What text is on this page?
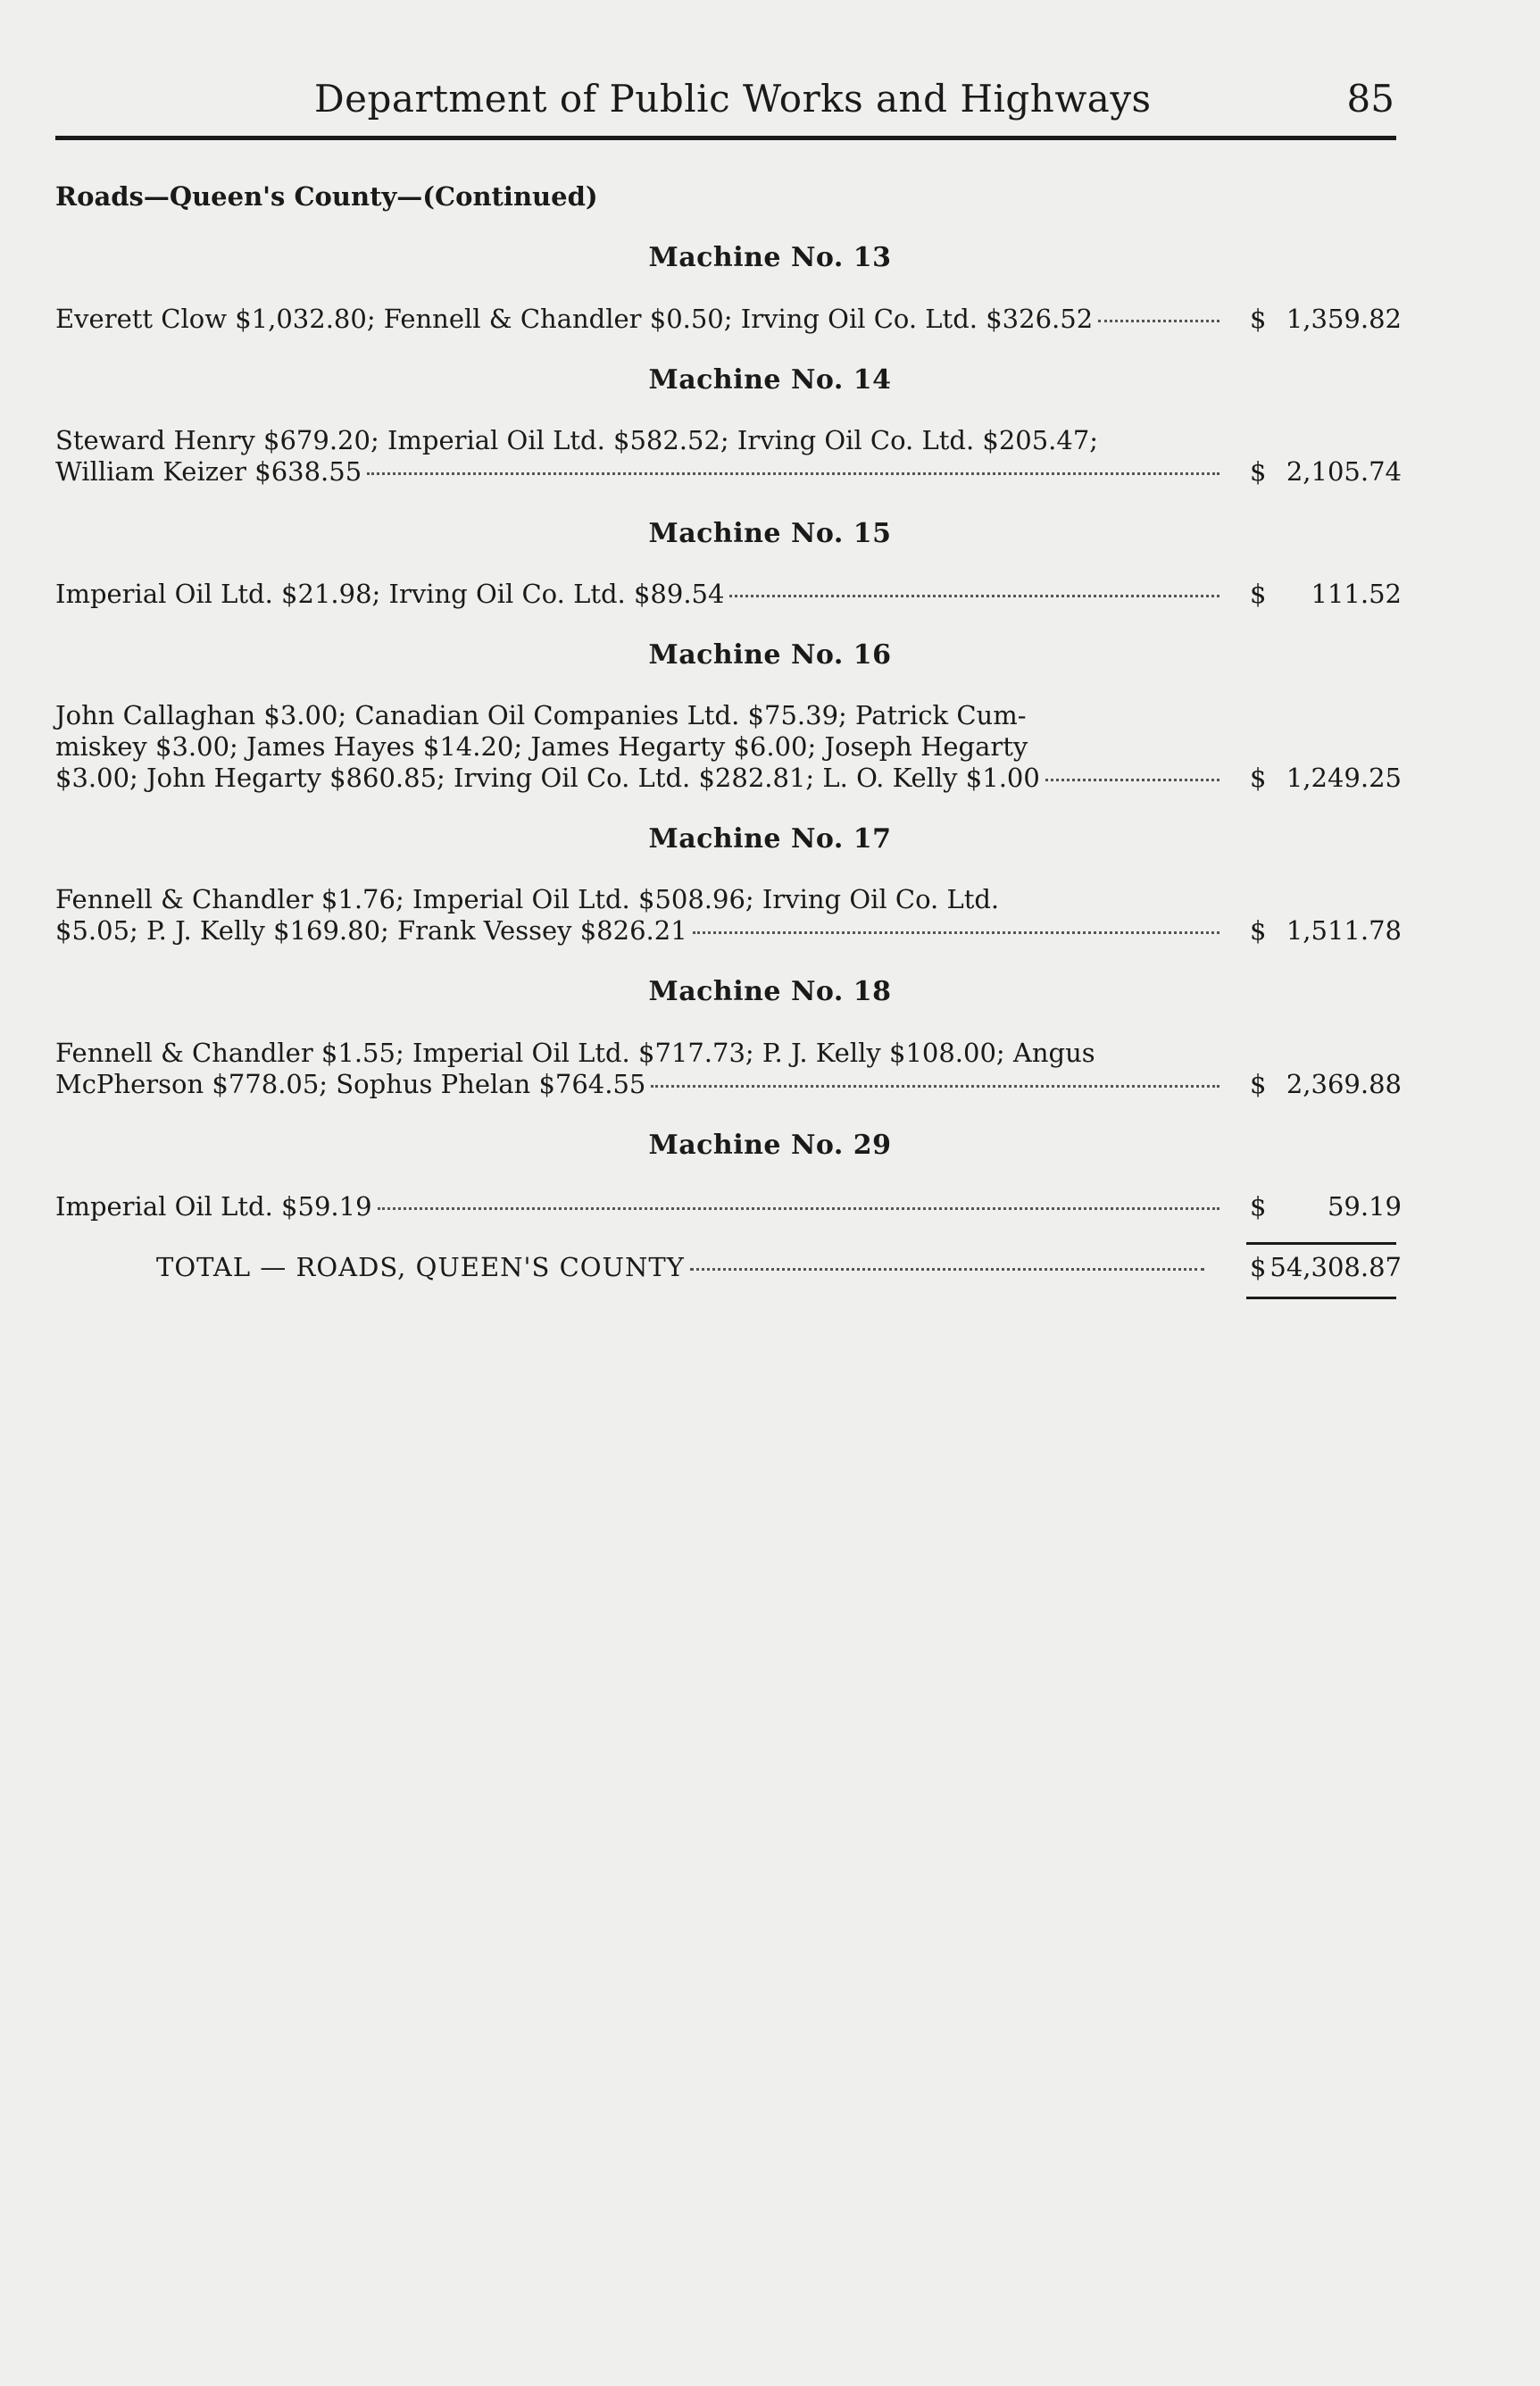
Department of Public Works and Highways	85
Roads—Queen's County—(Continued)
Machine No. 13
Everett Clow $1,032.80; Fennell & Chandler $0.50; Irving Oil Co. Ltd. $326.52	$ 1,359.82
Machine No. 14
Steward Henry $679.20; Imperial Oil Ltd. $582.52; Irving Oil Co. Ltd. $205.47;
William Keizer $638.55	$ 2,105.74
Machine No. 15
Imperial Oil Ltd. $21.98; Irving Oil Co. Ltd. $89.54	$ 111.52
Machine No. 16
John Callaghan $3.00; Canadian Oil Companies Ltd. $75.39; Patrick Cum-
miskey $3.00; James Hayes $14.20; James Hegarty $6.00; Joseph Hegarty
$3.00; John Hegarty $860.85; Irving Oil Co. Ltd. $282.81; L. O. Kelly $1.00	$ 1,249.25
Machine No. 17
Fennell & Chandler $1.76; Imperial Oil Ltd. $508.96; Irving Oil Co. Ltd.
$5.05; P. J. Kelly $169.80; Frank Vessey $826.21	$ 1,511.78
Machine No. 18
Fennell & Chandler $1.55; Imperial Oil Ltd. $717.73; P. J. Kelly $108.00; Angus
McPherson $778.05; Sophus Phelan $764.55	$ 2,369.88
Machine No. 29
Imperial Oil Ltd. $59.19	$ 59.19
TOTAL — ROADS, QUEEN'S COUNTY	$ 54,308.87
